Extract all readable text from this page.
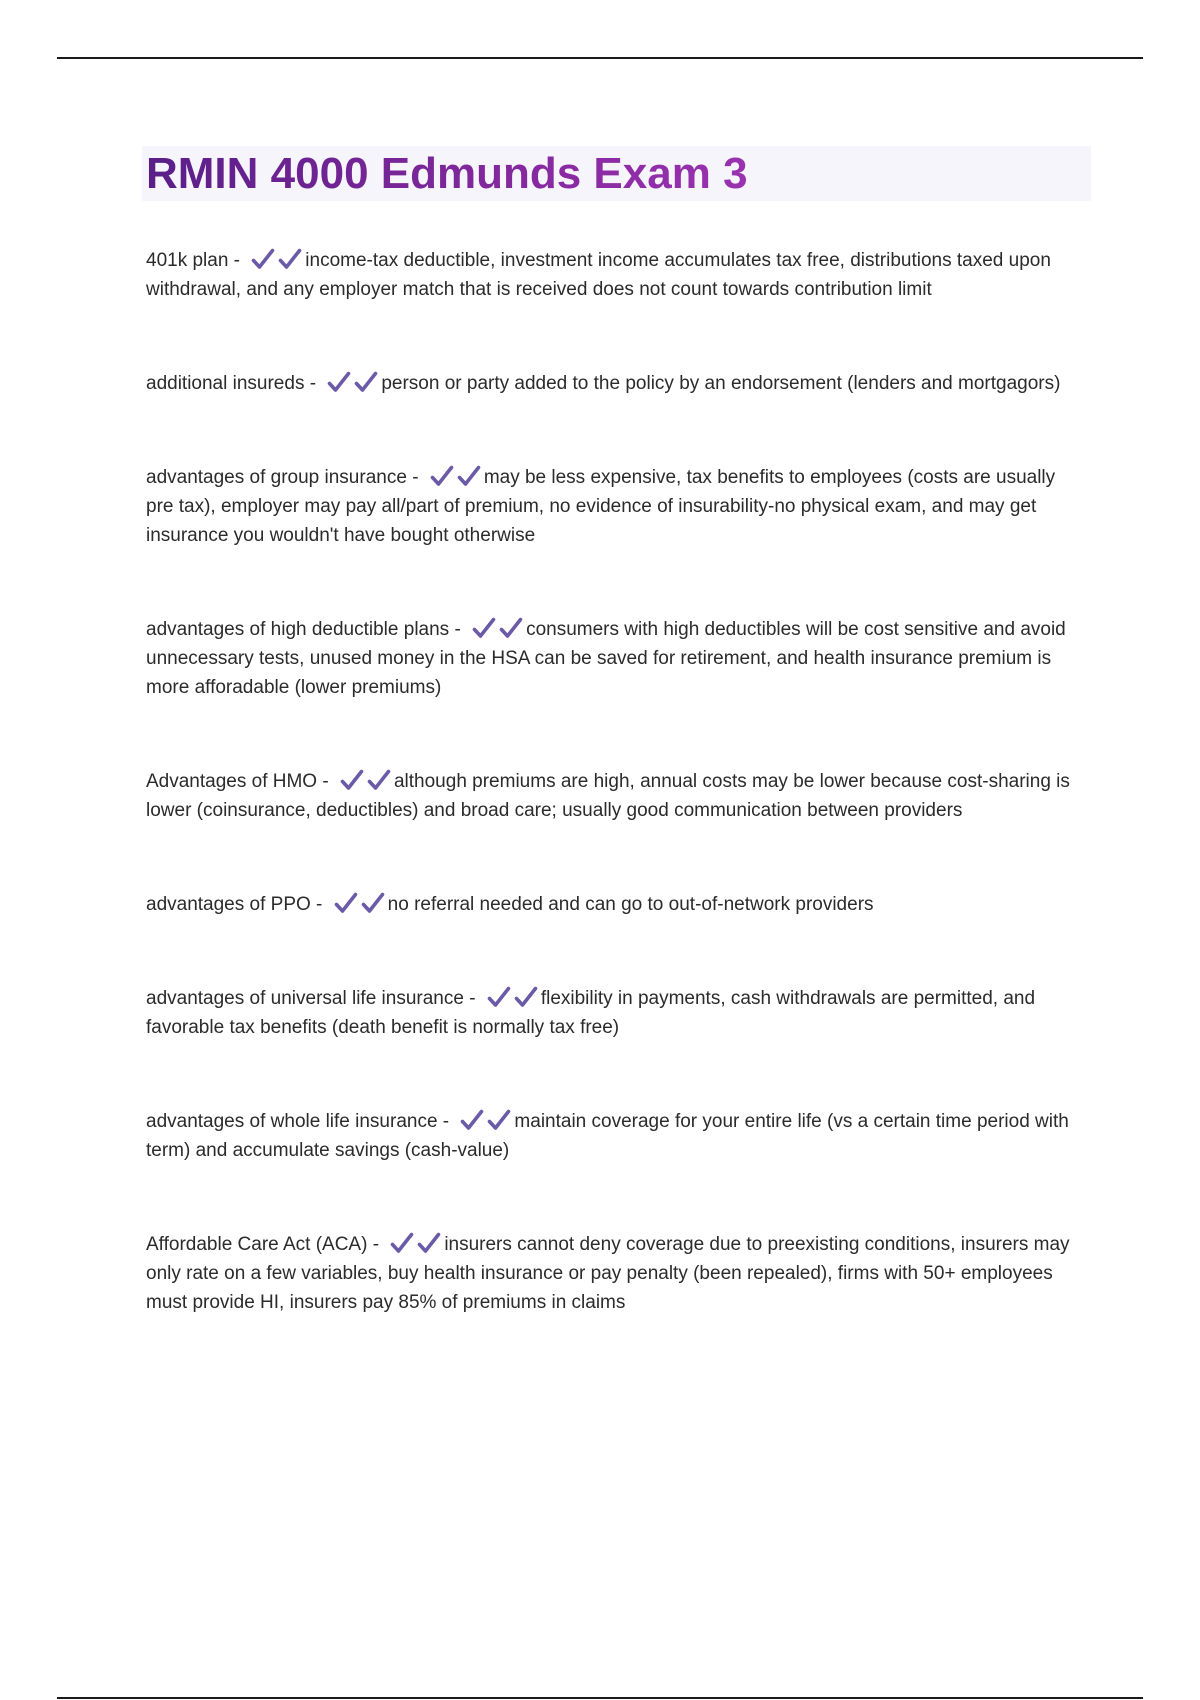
RMIN 4000 Edmunds Exam 3
401k plan -	income-tax deductible, investment income accumulates tax free, distributions taxed upon withdrawal, and any employer match that is received does not count towards contribution limit
additional insureds -	person or party added to the policy by an endorsement (lenders and mortgagors)
advantages of group insurance -	may be less expensive, tax benefits to employees (costs are usually pre tax), employer may pay all/part of premium, no evidence of insurability-no physical exam, and may get insurance you wouldn't have bought otherwise
advantages of high deductible plans -	consumers with high deductibles will be cost sensitive and avoid unnecessary tests, unused money in the HSA can be saved for retirement, and health insurance premium is more afforadable (lower premiums)
Advantages of HMO -	although premiums are high, annual costs may be lower because cost-sharing is lower (coinsurance, deductibles) and broad care; usually good communication between providers
advantages of PPO -	no referral needed and can go to out-of-network providers
advantages of universal life insurance -	flexibility in payments, cash withdrawals are permitted, and favorable tax benefits (death benefit is normally tax free)
advantages of whole life insurance -	maintain coverage for your entire life (vs a certain time period with term) and accumulate savings (cash-value)
Affordable Care Act (ACA) -	insurers cannot deny coverage due to preexisting conditions, insurers may only rate on a few variables, buy health insurance or pay penalty (been repealed), firms with 50+ employees must provide HI, insurers pay 85% of premiums in claims
